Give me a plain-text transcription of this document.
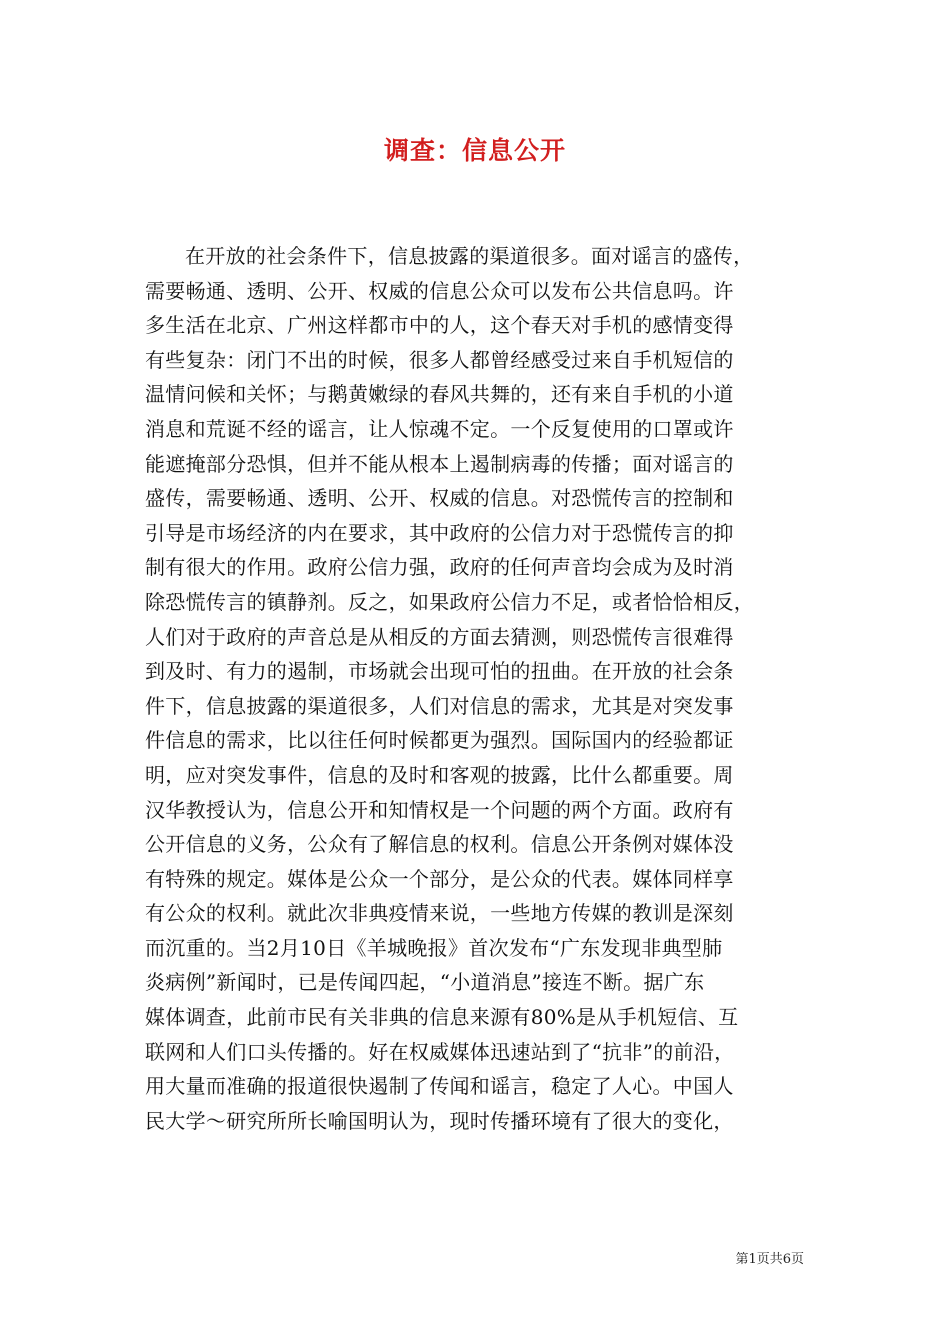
调查：信息公开
在开放的社会条件下，信息披露的渠道很多。面对谣言的盛传，
需要畅通、透明、公开、权威的信息公众可以发布公共信息吗。许
多生活在北京、广州这样都市中的人，这个春天对手机的感情变得
有些复杂：闭门不出的时候，很多人都曾经感受过来自手机短信的
温情问候和关怀；与鹅黄嫩绿的春风共舞的，还有来自手机的小道
消息和荒诞不经的谣言，让人惊魂不定。一个反复使用的口罩或许
能遮掩部分恐惧，但并不能从根本上遏制病毒的传播；面对谣言的
盛传，需要畅通、透明、公开、权威的信息。对恐慌传言的控制和
引导是市场经济的内在要求，其中政府的公信力对于恐慌传言的抑
制有很大的作用。政府公信力强，政府的任何声音均会成为及时消
除恐慌传言的镇静剂。反之，如果政府公信力不足，或者恰恰相反，
人们对于政府的声音总是从相反的方面去猜测，则恐慌传言很难得
到及时、有力的遏制，市场就会出现可怕的扭曲。在开放的社会条
件下，信息披露的渠道很多，人们对信息的需求，尤其是对突发事
件信息的需求，比以往任何时候都更为强烈。国际国内的经验都证
明，应对突发事件，信息的及时和客观的披露，比什么都重要。周
汉华教授认为，信息公开和知情权是一个问题的两个方面。政府有
公开信息的义务，公众有了解信息的权利。信息公开条例对媒体没
有特殊的规定。媒体是公众一个部分，是公众的代表。媒体同样享
有公众的权利。就此次非典疫情来说，一些地方传媒的教训是深刻
而沉重的。当2月10日《羊城晚报》首次发布“广东发现非典型肺
炎病例”新闻时，已是传闻四起，“小道消息”接连不断。据广东
媒体调查，此前市民有关非典的信息来源有80%是从手机短信、互
联网和人们口头传播的。好在权威媒体迅速站到了“抗非”的前沿，
用大量而准确的报道很快遏制了传闻和谣言，稳定了人心。中国人
民大学～研究所所长喻国明认为，现时传播环境有了很大的变化，
第1页共6页
